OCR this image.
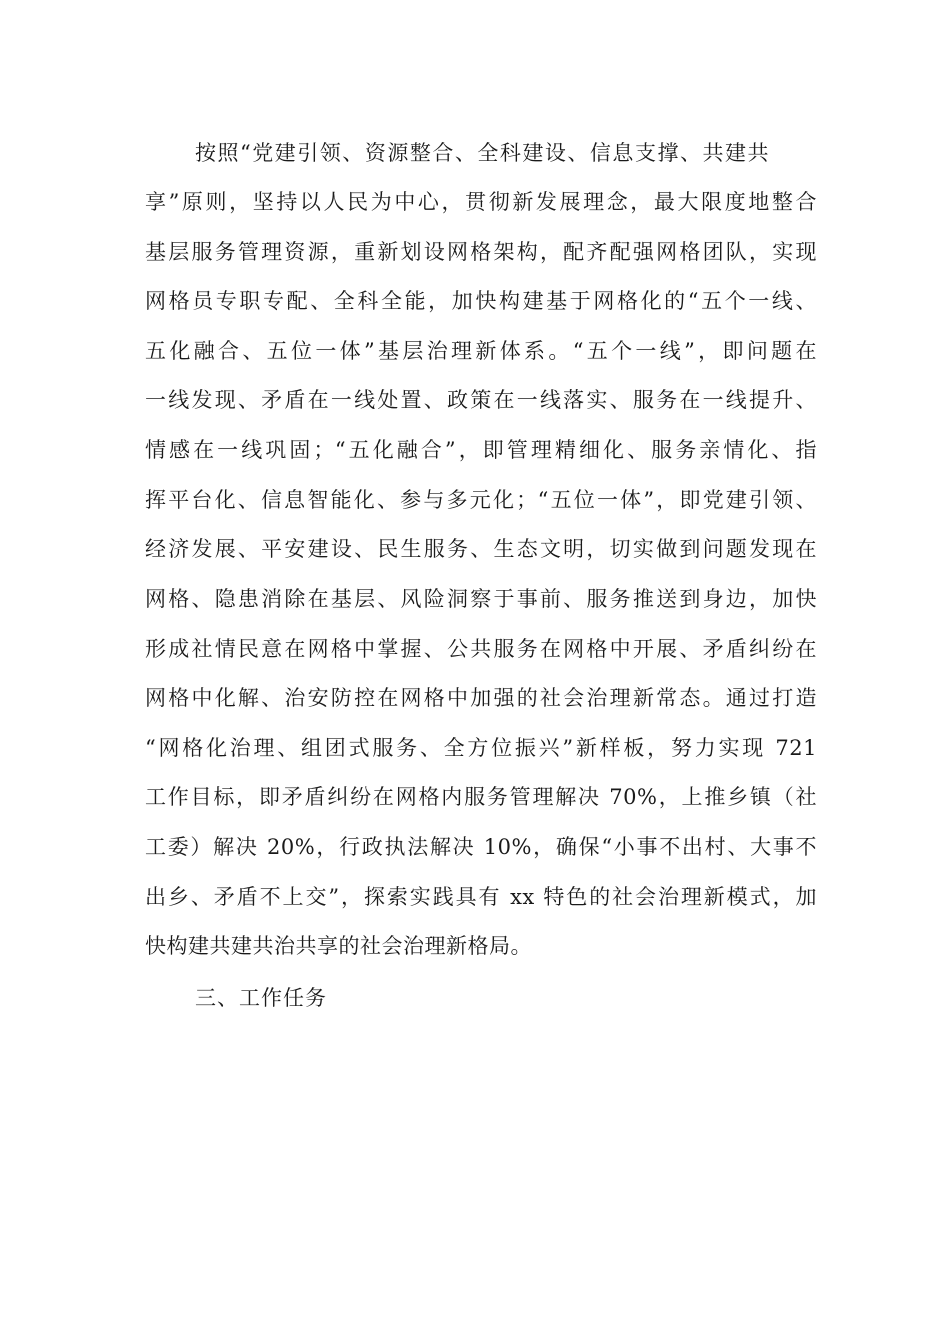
按照“党建引领、资源整合、全科建设、信息支撑、共建共
享”原则，坚持以人民为中心，贯彻新发展理念，最大限度地整合
基层服务管理资源，重新划设网格架构，配齐配强网格团队，实现
网格员专职专配、全科全能，加快构建基于网格化的“五个一线、
五化融合、五位一体”基层治理新体系。“五个一线”，即问题在
一线发现、矛盾在一线处置、政策在一线落实、服务在一线提升、
情感在一线巩固；“五化融合”，即管理精细化、服务亲情化、指
挥平台化、信息智能化、参与多元化；“五位一体”，即党建引领、
经济发展、平安建设、民生服务、生态文明，切实做到问题发现在
网格、隐患消除在基层、风险洞察于事前、服务推送到身边，加快
形成社情民意在网格中掌握、公共服务在网格中开展、矛盾纠纷在
网格中化解、治安防控在网格中加强的社会治理新常态。通过打造
“网格化治理、组团式服务、全方位振兴”新样板，努力实现 721
工作目标，即矛盾纠纷在网格内服务管理解决 70%，上推乡镇（社
工委）解决 20%，行政执法解决 10%，确保“小事不出村、大事不
出乡、矛盾不上交”，探索实践具有 xx 特色的社会治理新模式，加
快构建共建共治共享的社会治理新格局。
三、工作任务
